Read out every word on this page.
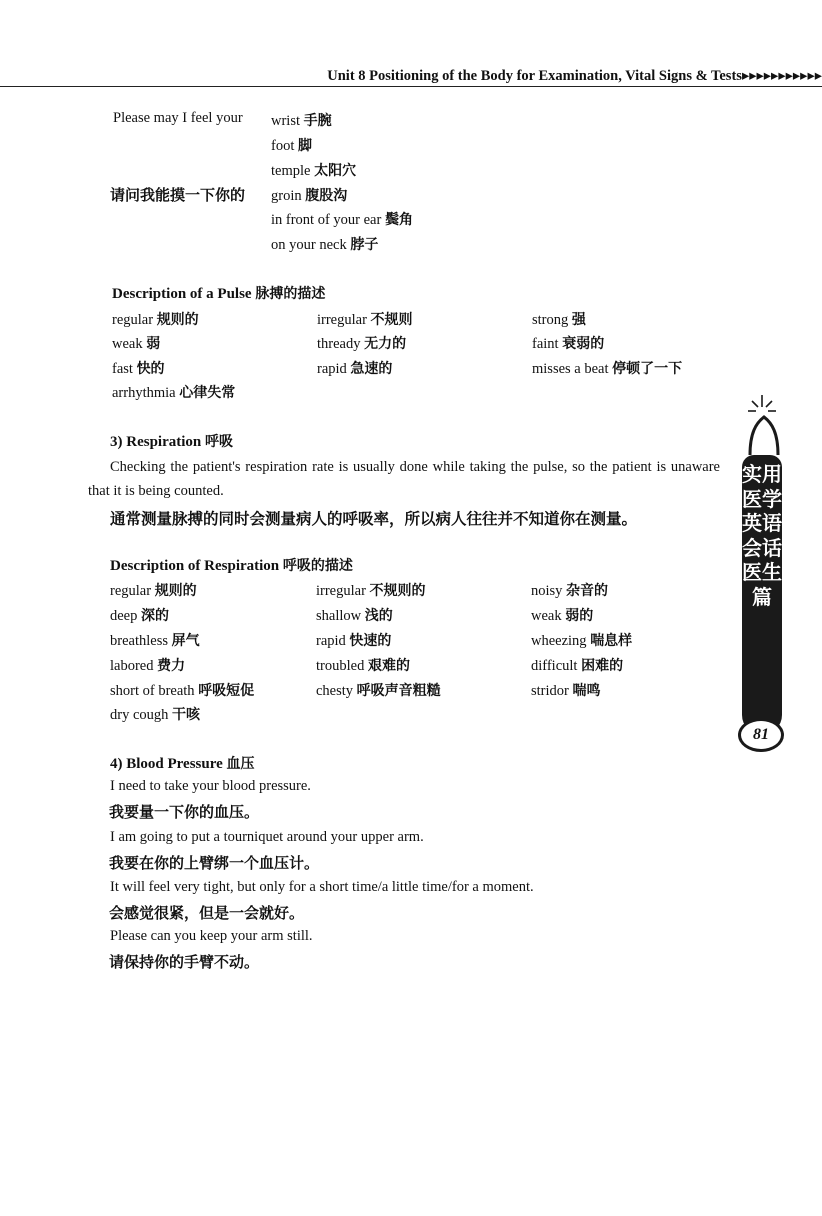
Unit 8 Positioning of the Body for Examination, Vital Signs & Tests▸▸▸▸▸▸▸▸▸▸▸
Please may I feel your wrist 手腕
foot 脚
temple 太阳穴
请问我能摸一下你的 groin 腹股沟
in front of your ear 鬓角
on your neck 脖子
Description of a Pulse 脉搏的描述
regular 规则的	irregular 不规则	strong 强
weak 弱	thready 无力的	faint 衰弱的
fast 快的	rapid 急速的	misses a beat 停顿了一下
arrhythmia 心律失常
3) Respiration 呼吸
Checking the patient's respiration rate is usually done while taking the pulse, so the patient is unaware that it is being counted.
通常测量脉搏的同时会测量病人的呼吸率，所以病人往往并不知道你在测量。
Description of Respiration 呼吸的描述
regular 规则的	irregular 不规则的	noisy 杂音的
deep 深的	shallow 浅的	weak 弱的
breathless 屏气	rapid 快速的	wheezing 喘息样
labored 费力	troubled 艰难的	difficult 困难的
short of breath 呼吸短促	chesty 呼吸声音粗糙	stridor 喘鸣
dry cough 干咳
4) Blood Pressure 血压
I need to take your blood pressure.
我要量一下你的血压。
I am going to put a tourniquet around your upper arm.
我要在你的上臂绑一个血压计。
It will feel very tight, but only for a short time/a little time/for a moment.
会感觉很紧，但是一会就好。
Please can you keep your arm still.
请保持你的手臂不动。
实用医学英语会话 医生篇
81
